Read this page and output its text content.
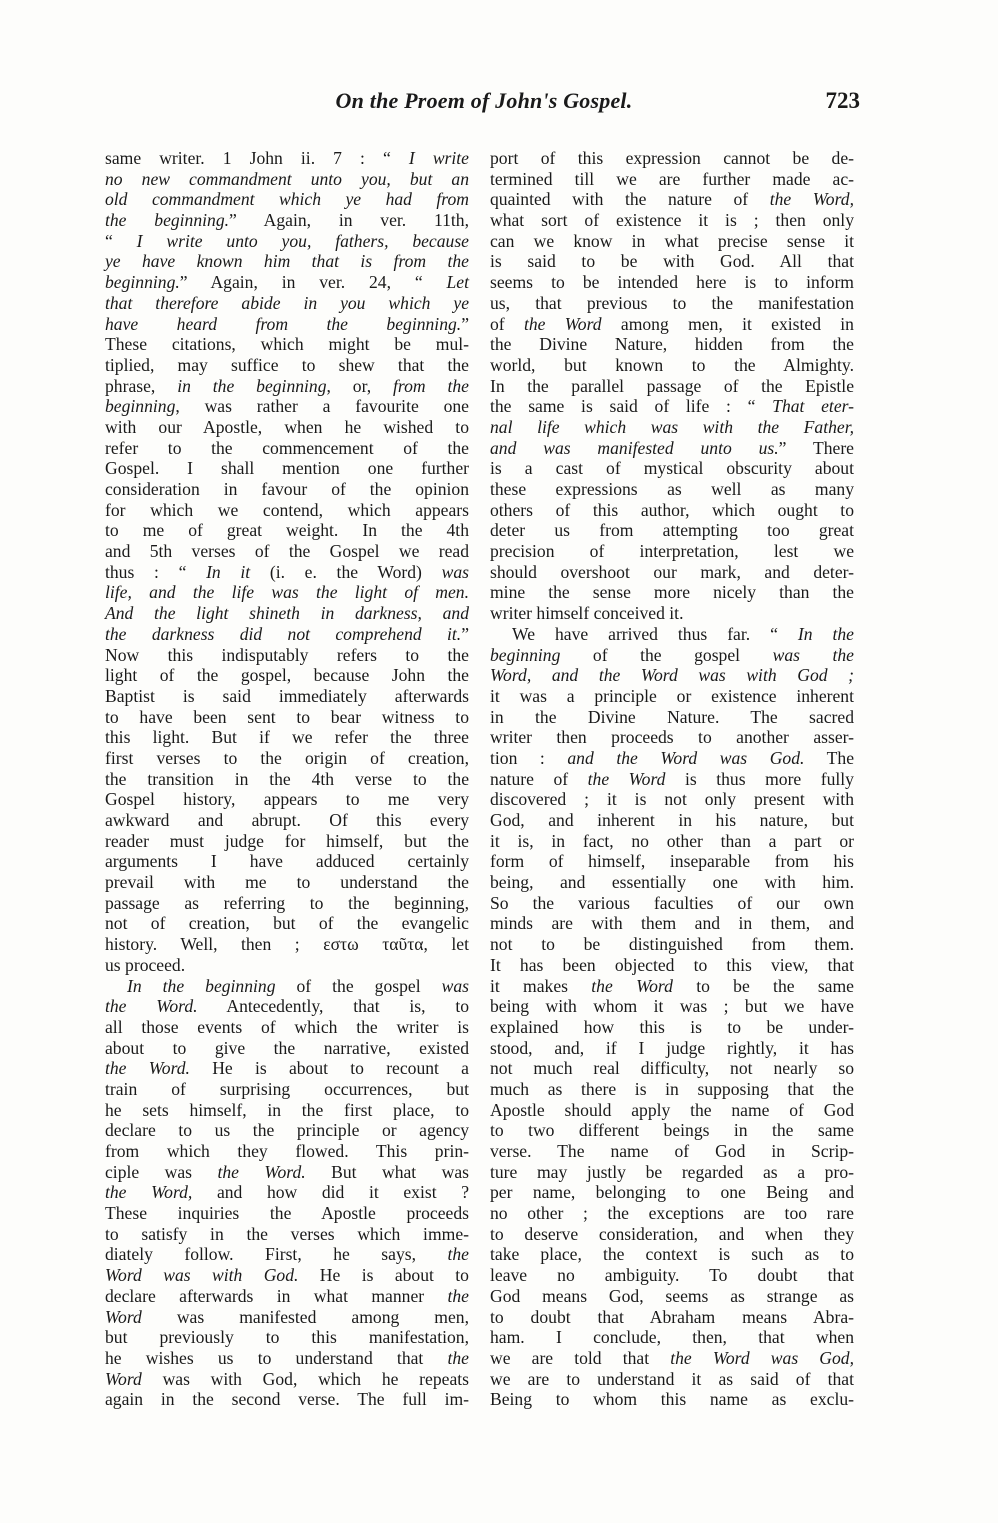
On the Proem of John's Gospel.	723
same writer. 1 John ii. 7 : “ I write
no new commandment unto you, but an
old commandment which ye had from
the beginning.” Again, in ver. 11th,
“ I write unto you, fathers, because
ye have known him that is from the
beginning.” Again, in ver. 24, “ Let
that therefore abide in you which ye
have heard from the beginning.”
These citations, which might be mul-
tiplied, may suffice to shew that the
phrase, in the beginning, or, from the
beginning, was rather a favourite one
with our Apostle, when he wished to
refer to the commencement of the
Gospel. I shall mention one further
consideration in favour of the opinion
for which we contend, which appears
to me of great weight. In the 4th
and 5th verses of the Gospel we read
thus : “ In it (i. e. the Word) was
life, and the life was the light of men.
And the light shineth in darkness, and
the darkness did not comprehend it.”
Now this indisputably refers to the
light of the gospel, because John the
Baptist is said immediately afterwards
to have been sent to bear witness to
this light. But if we refer the three
first verses to the origin of creation,
the transition in the 4th verse to the
Gospel history, appears to me very
awkward and abrupt. Of this every
reader must judge for himself, but the
arguments I have adduced certainly
prevail with me to understand the
passage as referring to the beginning,
not of creation, but of the evangelic
history. Well, then ; εστω ταῦτα, let
us proceed.
In the beginning of the gospel was
the Word. Antecedently, that is, to
all those events of which the writer is
about to give the narrative, existed
the Word. He is about to recount a
train of surprising occurrences, but
he sets himself, in the first place, to
declare to us the principle or agency
from which they flowed. This prin-
ciple was the Word. But what was
the Word, and how did it exist ?
These inquiries the Apostle proceeds
to satisfy in the verses which imme-
diately follow. First, he says, the
Word was with God. He is about to
declare afterwards in what manner the
Word was manifested among men,
but previously to this manifestation,
he wishes us to understand that the
Word was with God, which he repeats
again in the second verse. The full im-
port of this expression cannot be de-
termined till we are further made ac-
quainted with the nature of the Word,
what sort of existence it is ; then only
can we know in what precise sense it
is said to be with God. All that
seems to be intended here is to inform
us, that previous to the manifestation
of the Word among men, it existed in
the Divine Nature, hidden from the
world, but known to the Almighty.
In the parallel passage of the Epistle
the same is said of life : “ That eter-
nal life which was with the Father,
and was manifested unto us.” There
is a cast of mystical obscurity about
these expressions as well as many
others of this author, which ought to
deter us from attempting too great
precision of interpretation, lest we
should overshoot our mark, and deter-
mine the sense more nicely than the
writer himself conceived it.
We have arrived thus far. “ In the
beginning of the gospel was the
Word, and the Word was with God ;
it was a principle or existence inherent
in the Divine Nature. The sacred
writer then proceeds to another asser-
tion : and the Word was God. The
nature of the Word is thus more fully
discovered ; it is not only present with
God, and inherent in his nature, but
it is, in fact, no other than a part or
form of himself, inseparable from his
being, and essentially one with him.
So the various faculties of our own
minds are with them and in them, and
not to be distinguished from them.
It has been objected to this view, that
it makes the Word to be the same
being with whom it was ; but we have
explained how this is to be under-
stood, and, if I judge rightly, it has
not much real difficulty, not nearly so
much as there is in supposing that the
Apostle should apply the name of God
to two different beings in the same
verse. The name of God in Scrip-
ture may justly be regarded as a pro-
per name, belonging to one Being and
no other ; the exceptions are too rare
to deserve consideration, and when they
take place, the context is such as to
leave no ambiguity. To doubt that
God means God, seems as strange as
to doubt that Abraham means Abra-
ham. I conclude, then, that when
we are told that the Word was God,
we are to understand it as said of that
Being to whom this name as exclu-
